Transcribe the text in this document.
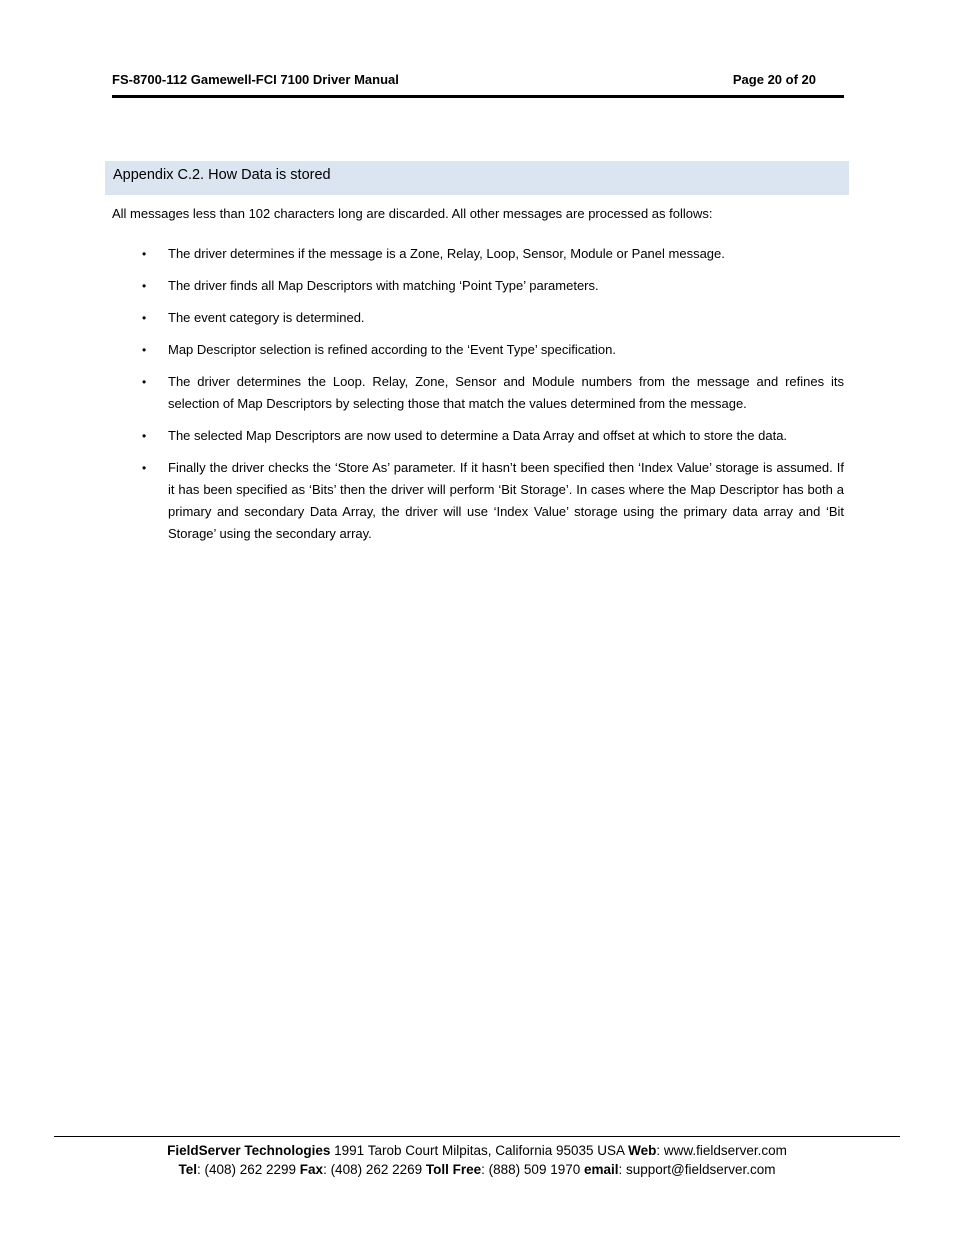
FS-8700-112 Gamewell-FCI 7100 Driver Manual	Page 20 of 20
Appendix C.2. How Data is stored
All messages less than 102 characters long are discarded. All other messages are processed as follows:
• The driver determines if the message is a Zone, Relay, Loop, Sensor, Module or Panel message.
• The driver finds all Map Descriptors with matching ‘Point Type’ parameters.
• The event category is determined.
• Map Descriptor selection is refined according to the ‘Event Type’ specification.
• The driver determines the Loop. Relay, Zone, Sensor and Module numbers from the message and refines its selection of Map Descriptors by selecting those that match the values determined from the message.
• The selected Map Descriptors are now used to determine a Data Array and offset at which to store the data.
• Finally the driver checks the ‘Store As’ parameter. If it hasn’t been specified then ‘Index Value’ storage is assumed. If it has been specified as ‘Bits’ then the driver will perform ‘Bit Storage’. In cases where the Map Descriptor has both a primary and secondary Data Array, the driver will use ‘Index Value’ storage using the primary data array and ‘Bit Storage’ using the secondary array.
FieldServer Technologies 1991 Tarob Court Milpitas, California 95035 USA Web: www.fieldserver.com
Tel: (408) 262 2299 Fax: (408) 262 2269 Toll Free: (888) 509 1970 email: support@fieldserver.com
